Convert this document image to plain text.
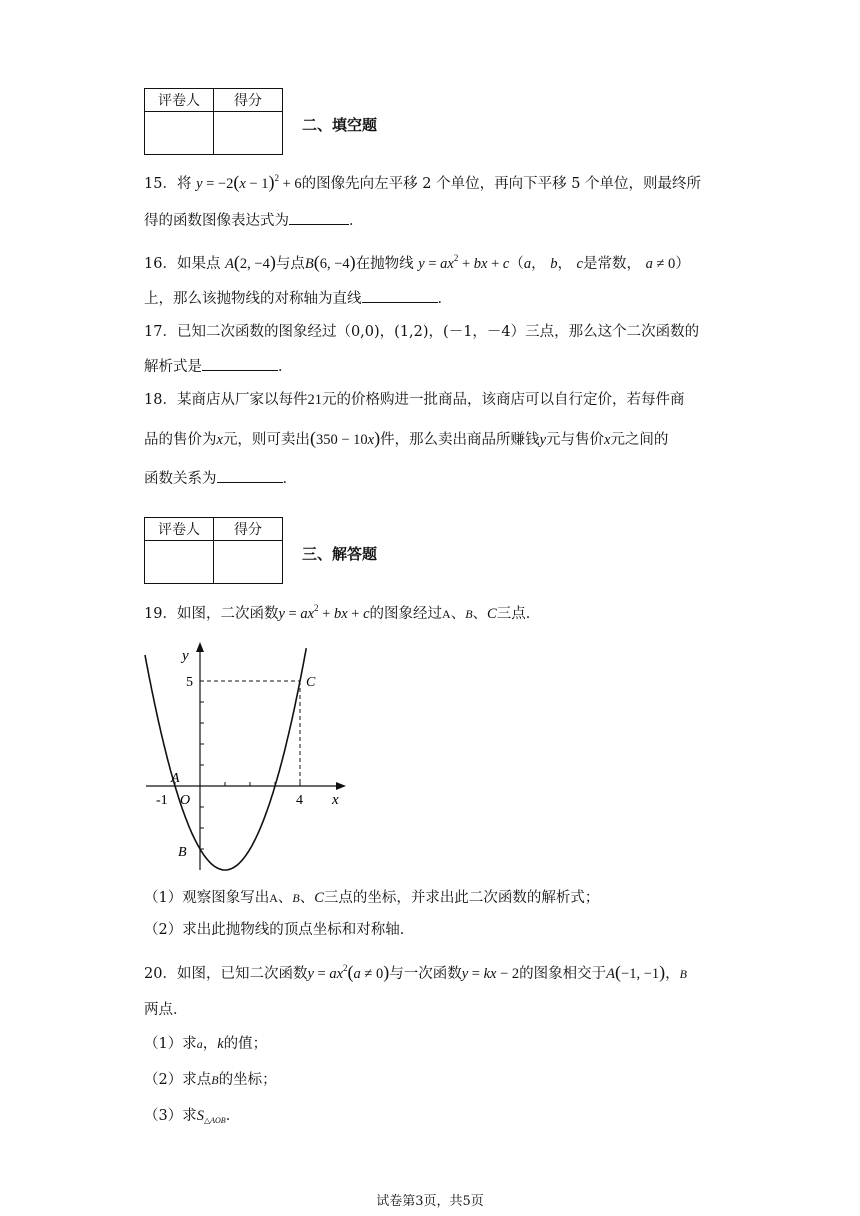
评卷人	得分

二、填空题
15．将 $y = -2(x - 1)^2 + 6$的图像先向左平移 2 个单位，再向下平移 5 个单位，则最终所
得的函数图像表达式为	．
16．如果点 A(2, −4)与点B(6, −4)在抛物线 $y = ax^2$ + bx + c（a， b， c是常数， a ≠ 0）
上，那么该抛物线的对称轴为直线	．
17．已知二次函数的图象经过（0,0)，(1,2)，(－1，－4）三点，那么这个二次函数的
解析式是	．
18．某商店从厂家以每件21元的价格购进一批商品，该商店可以自行定价，若每件商
品的售价为x元，则可卖出(350 − 10x)件，那么卖出商品所赚钱y元与售价x元之间的
函数关系为	．
评卷人	得分

三、解答题
19．如图，二次函数$y = ax^2$ + bx + c的图象经过A、B、C三点．
y
x
5
4
-1 O
A
B
C
（1）观察图象写出A、B、C三点的坐标，并求出此二次函数的解析式；
（2）求出此抛物线的顶点坐标和对称轴．
20．如图，已知二次函数$y = ax^2(a \ne 0)$与一次函数y = kx − 2的图象相交于A(−1, −1)，B
两点．
（1）求a，k的值；
（2）求点B的坐标；
（3）求$S_{\triangle AOB}$．
试卷第3页，共5页
